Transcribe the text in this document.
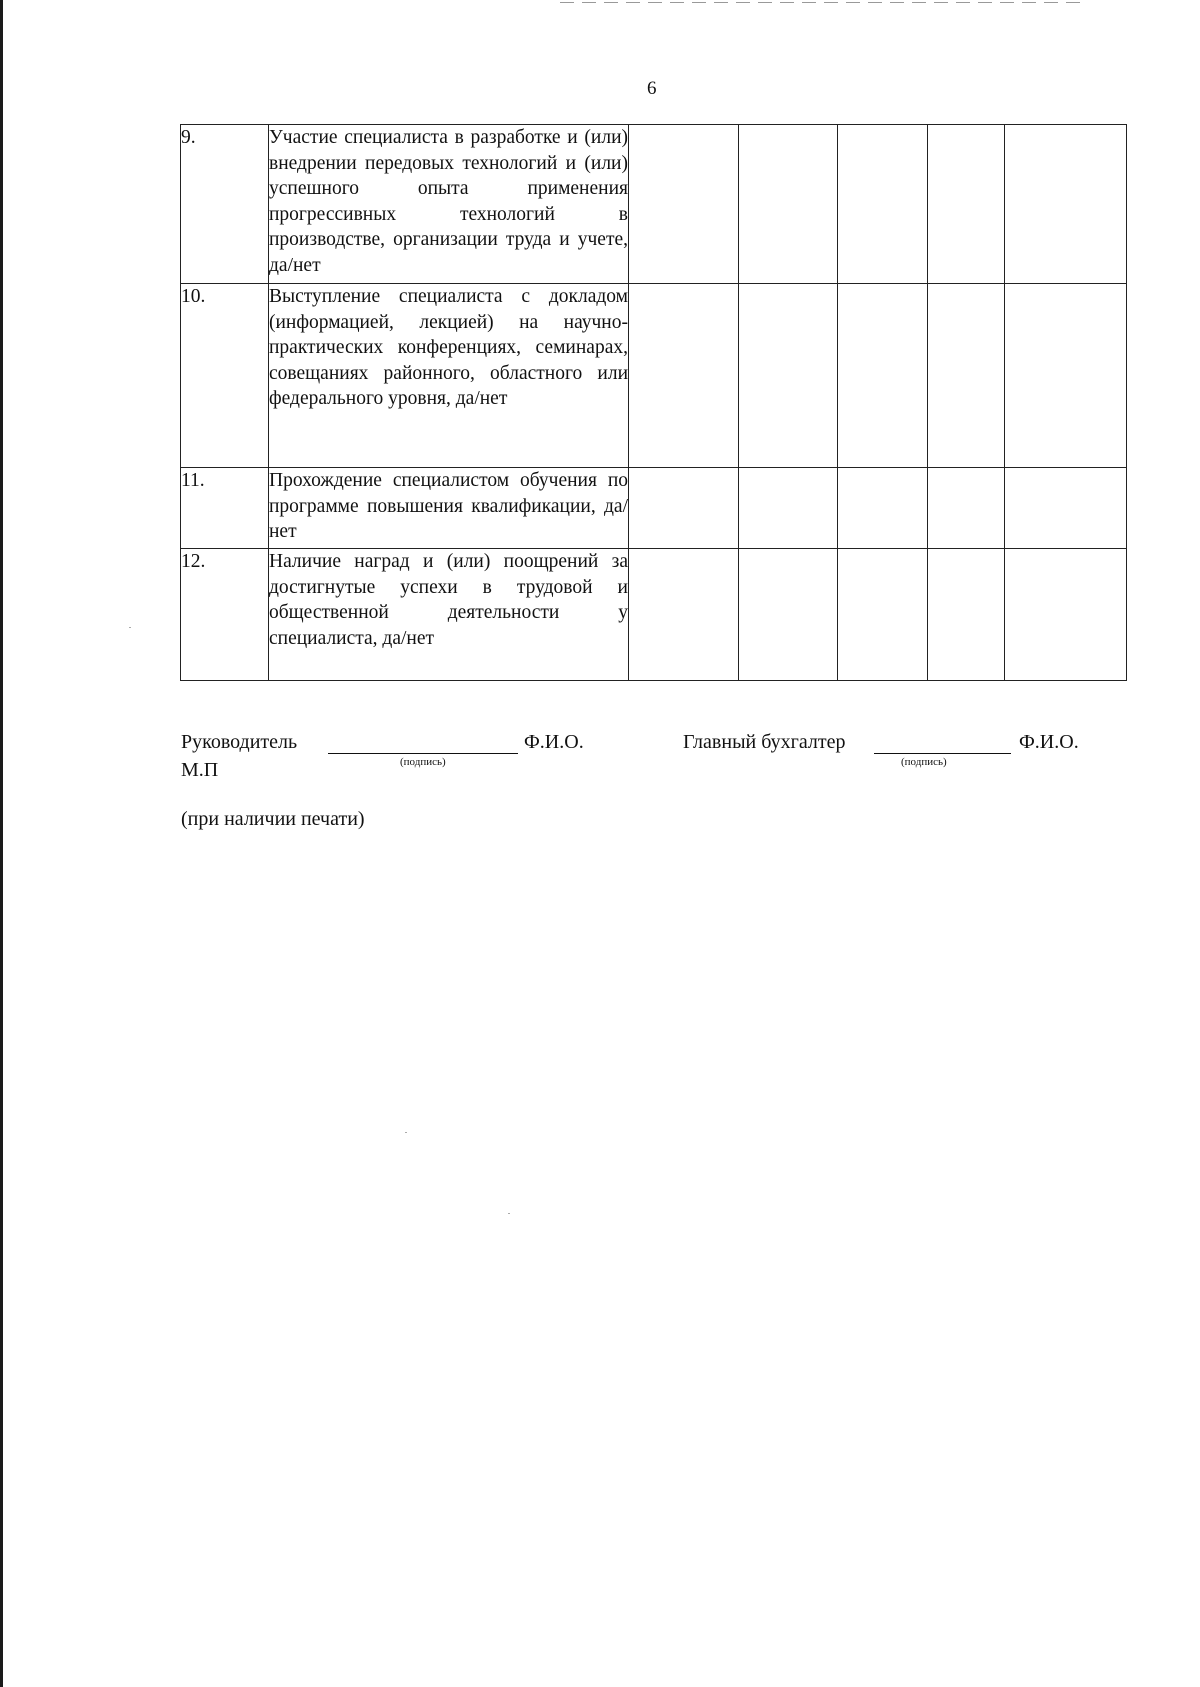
6
9.	Участие специалиста в разработке и (или) внедрении передовых технологий и (или) успешного опыта применения прогрессивных технологий в производстве, организации труда и учете, да/нет					

10.	Выступление специалиста с докладом (информацией, лекцией) на научно-практических конференциях, семинарах, совещаниях районного, областного или федерального уровня, да/нет					

11.	Прохождение специалистом обучения по программе повышения квалификации, да/нет					

12.	Наличие наград и (или) поощрений за достигнутые успехи в трудовой и общественной деятельности у специалиста, да/нет					

Руководитель
(подпись)
Ф.И.О.	Главный бухгалтер
(подпись)
Ф.И.О.
М.П
(при наличии печати)
